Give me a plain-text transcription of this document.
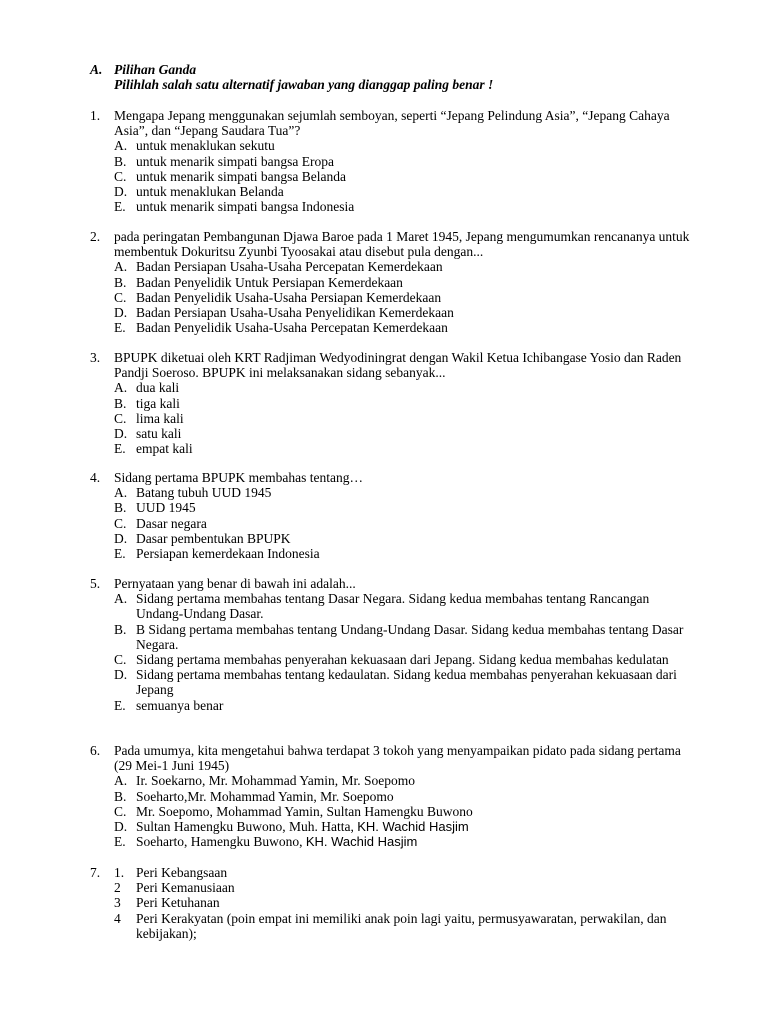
A. Pilihan Ganda
Pilihlah salah satu alternatif jawaban yang dianggap paling benar !
1.	Mengapa Jepang menggunakan sejumlah semboyan, seperti “Jepang Pelindung Asia”, “Jepang Cahaya Asia”, dan “Jepang Saudara Tua”?
A. untuk menaklukan sekutu
B. untuk menarik simpati bangsa Eropa
C. untuk menarik simpati bangsa Belanda
D. untuk menaklukan Belanda
E. untuk menarik simpati bangsa Indonesia
2.	pada peringatan Pembangunan Djawa Baroe pada 1 Maret 1945, Jepang mengumumkan rencananya untuk membentuk Dokuritsu Zyunbi Tyoosakai atau disebut pula dengan...
A. Badan Persiapan Usaha-Usaha Percepatan Kemerdekaan
B. Badan Penyelidik Untuk Persiapan Kemerdekaan
C. Badan Penyelidik Usaha-Usaha Persiapan Kemerdekaan
D. Badan Persiapan Usaha-Usaha Penyelidikan Kemerdekaan
E. Badan Penyelidik Usaha-Usaha Percepatan Kemerdekaan
3.	BPUPK diketuai oleh KRT Radjiman Wedyodiningrat dengan Wakil Ketua Ichibangase Yosio dan Raden Pandji Soeroso. BPUPK ini melaksanakan sidang sebanyak...
A. dua kali
B. tiga kali
C. lima kali
D. satu kali
E. empat kali
4.	Sidang pertama BPUPK membahas tentang…
A. Batang tubuh UUD 1945
B. UUD 1945
C. Dasar negara
D. Dasar pembentukan BPUPK
E. Persiapan kemerdekaan Indonesia
5.	Pernyataan yang benar di bawah ini adalah...
A. Sidang pertama membahas tentang Dasar Negara. Sidang kedua membahas tentang Rancangan Undang-Undang Dasar.
B. B Sidang pertama membahas tentang Undang-Undang Dasar. Sidang kedua membahas tentang Dasar Negara.
C. Sidang pertama membahas penyerahan kekuasaan dari Jepang. Sidang kedua membahas kedulatan
D. Sidang pertama membahas tentang kedaulatan. Sidang kedua membahas penyerahan kekuasaan dari Jepang
E. semuanya benar
6.	Pada umumya, kita mengetahui bahwa terdapat 3 tokoh yang menyampaikan pidato pada sidang pertama (29 Mei-1 Juni 1945)
A. Ir. Soekarno, Mr. Mohammad Yamin, Mr. Soepomo
B. Soeharto,Mr. Mohammad Yamin, Mr. Soepomo
C. Mr. Soepomo, Mohammad Yamin, Sultan Hamengku Buwono
D. Sultan Hamengku Buwono, Muh. Hatta, KH. Wachid Hasjim
E. Soeharto, Hamengku Buwono, KH. Wachid Hasjim
7.	1. Peri Kebangsaan
2	Peri Kemanusiaan
3	Peri Ketuhanan
4	Peri Kerakyatan (poin empat ini memiliki anak poin lagi yaitu, permusyawaratan, perwakilan, dan kebijakan);
